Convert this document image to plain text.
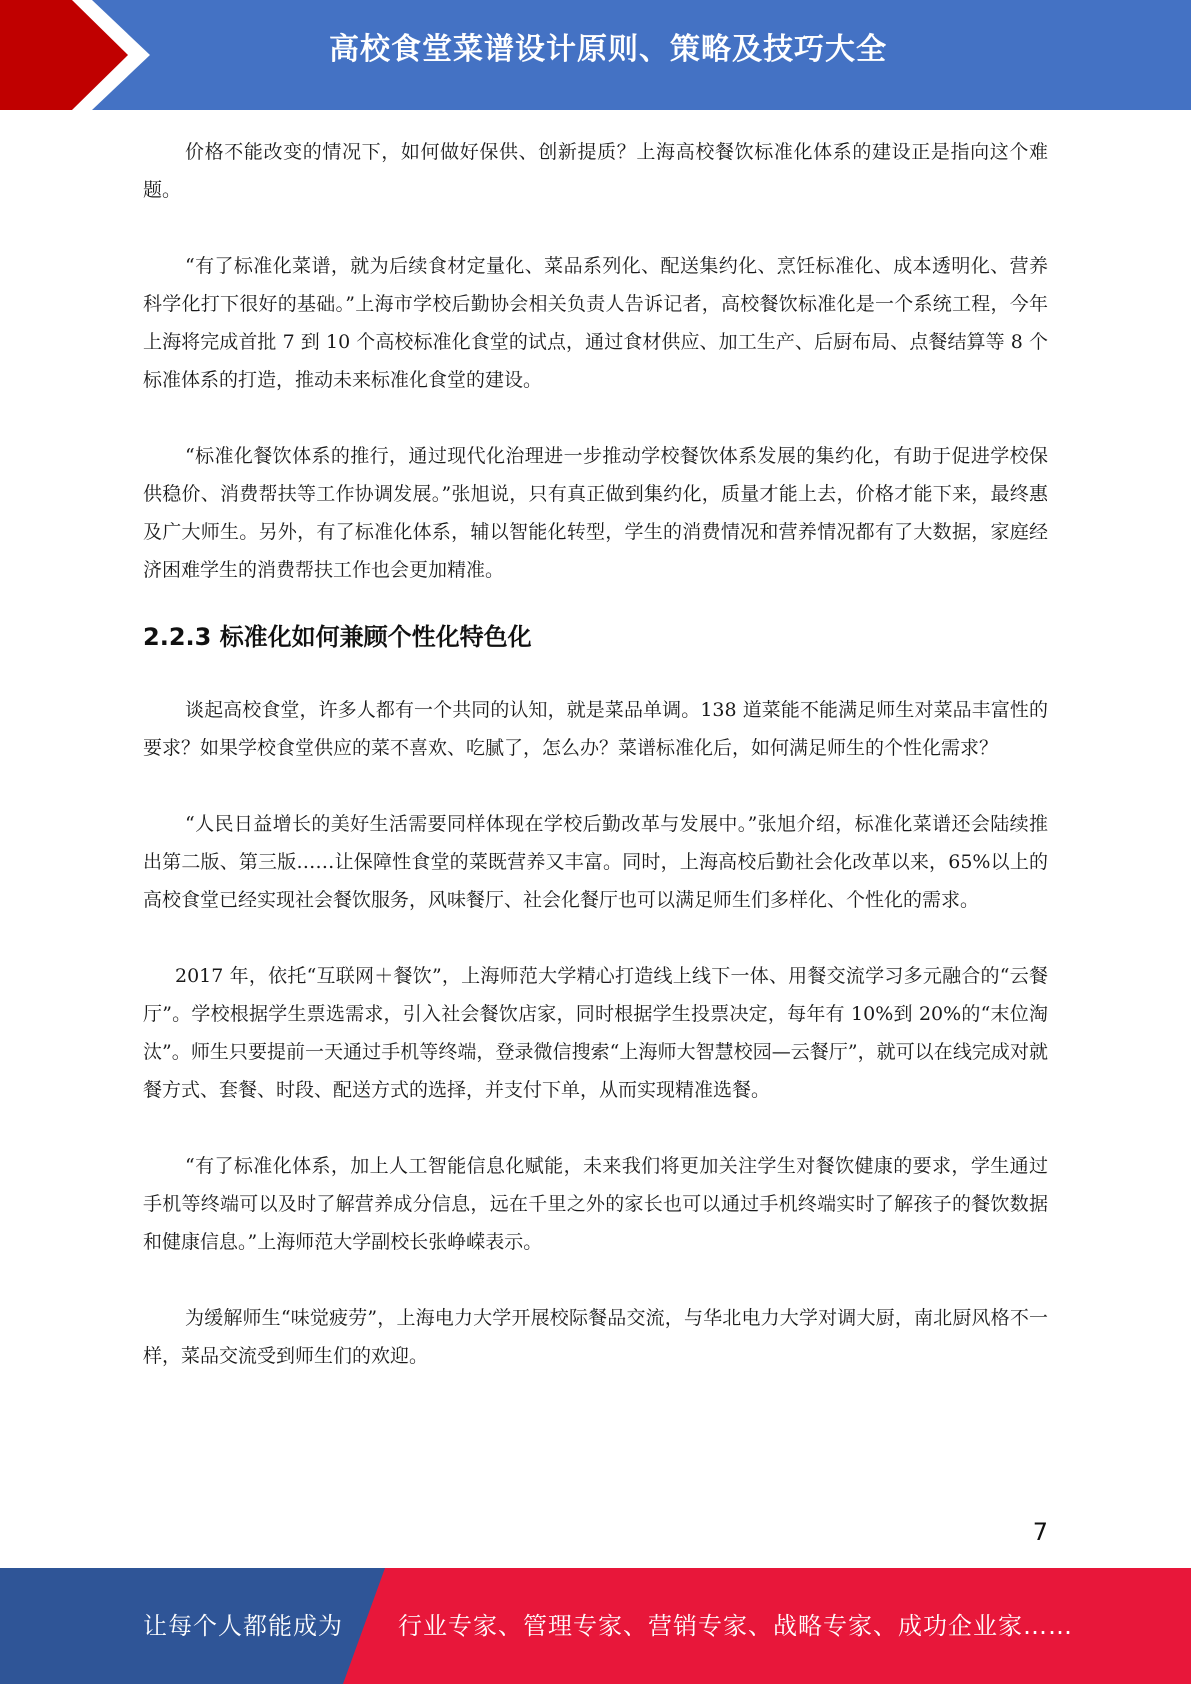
高校食堂菜谱设计原则、策略及技巧大全

价格不能改变的情况下，如何做好保供、创新提质？上海高校餐饮标准化体系的建设正是指向这个难题。

“有了标准化菜谱，就为后续食材定量化、菜品系列化、配送集约化、烹饪标准化、成本透明化、营养科学化打下很好的基础。”上海市学校后勤协会相关负责人告诉记者，高校餐饮标准化是一个系统工程，今年上海将完成首批 7 到 10 个高校标准化食堂的试点，通过食材供应、加工生产、后厨布局、点餐结算等 8 个标准体系的打造，推动未来标准化食堂的建设。

“标准化餐饮体系的推行，通过现代化治理进一步推动学校餐饮体系发展的集约化，有助于促进学校保供稳价、消费帮扶等工作协调发展。”张旭说，只有真正做到集约化，质量才能上去，价格才能下来，最终惠及广大师生。另外，有了标准化体系，辅以智能化转型，学生的消费情况和营养情况都有了大数据，家庭经济困难学生的消费帮扶工作也会更加精准。

2.2.3 标准化如何兼顾个性化特色化

谈起高校食堂，许多人都有一个共同的认知，就是菜品单调。138 道菜能不能满足师生对菜品丰富性的要求？如果学校食堂供应的菜不喜欢、吃腻了，怎么办？菜谱标准化后，如何满足师生的个性化需求？

“人民日益增长的美好生活需要同样体现在学校后勤改革与发展中。”张旭介绍，标准化菜谱还会陆续推出第二版、第三版……让保障性食堂的菜既营养又丰富。同时，上海高校后勤社会化改革以来，65%以上的高校食堂已经实现社会餐饮服务，风味餐厅、社会化餐厅也可以满足师生们多样化、个性化的需求。

2017 年，依托“互联网＋餐饮”，上海师范大学精心打造线上线下一体、用餐交流学习多元融合的“云餐厅”。学校根据学生票选需求，引入社会餐饮店家，同时根据学生投票决定，每年有 10%到 20%的“末位淘汰”。师生只要提前一天通过手机等终端，登录微信搜索“上海师大智慧校园—云餐厅”，就可以在线完成对就餐方式、套餐、时段、配送方式的选择，并支付下单，从而实现精准选餐。

“有了标准化体系，加上人工智能信息化赋能，未来我们将更加关注学生对餐饮健康的要求，学生通过手机等终端可以及时了解营养成分信息，远在千里之外的家长也可以通过手机终端实时了解孩子的餐饮数据和健康信息。”上海师范大学副校长张峥嵘表示。

为缓解师生“味觉疲劳”，上海电力大学开展校际餐品交流，与华北电力大学对调大厨，南北厨风格不一样，菜品交流受到师生们的欢迎。

7
让每个人都能成为 行业专家、管理专家、营销专家、战略专家、成功企业家……
